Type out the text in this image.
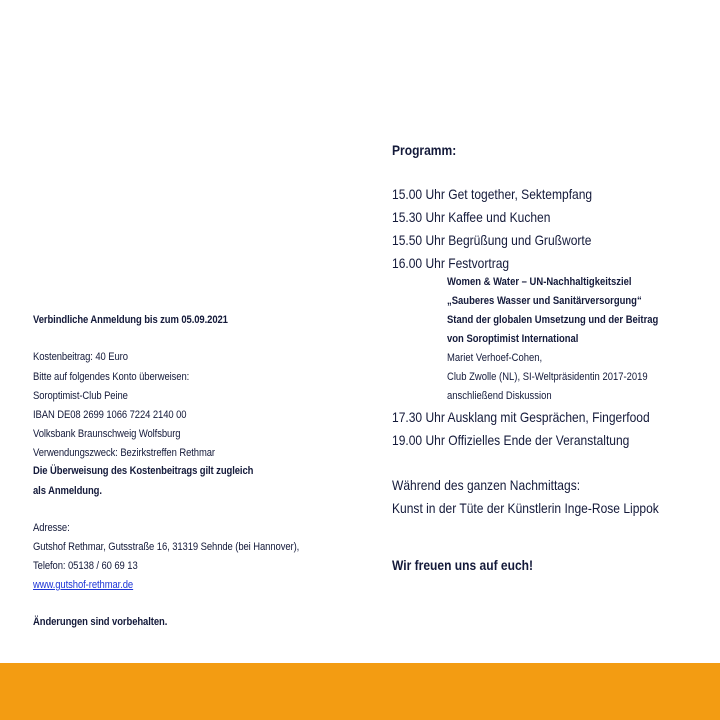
Verbindliche Anmeldung bis zum 05.09.2021
Kostenbeitrag: 40 Euro
Bitte auf folgendes Konto überweisen:
Soroptimist-Club Peine
IBAN DE08 2699 1066 7224 2140 00
Volksbank Braunschweig Wolfsburg
Verwendungszweck: Bezirkstreffen Rethmar
Die Überweisung des Kostenbeitrags gilt zugleich
als Anmeldung.
Adresse:
Gutshof Rethmar, Gutsstraße 16, 31319 Sehnde (bei Hannover),
Telefon: 05138 / 60 69 13
www.gutshof-rethmar.de
Änderungen sind vorbehalten.
Programm:
15.00 Uhr Get together, Sektempfang
15.30 Uhr Kaffee und Kuchen
15.50 Uhr Begrüßung und Grußworte
16.00 Uhr Festvortrag
Women & Water – UN-Nachhaltigkeitsziel
„Sauberes Wasser und Sanitärversorgung“
Stand der globalen Umsetzung und der Beitrag
von Soroptimist International
Mariet Verhoef-Cohen,
Club Zwolle (NL), SI-Weltpräsidentin 2017-2019
anschließend Diskussion
17.30 Uhr Ausklang mit Gesprächen, Fingerfood
19.00 Uhr Offizielles Ende der Veranstaltung
Während des ganzen Nachmittags:
Kunst in der Tüte der Künstlerin Inge-Rose Lippok
Wir freuen uns auf euch!
